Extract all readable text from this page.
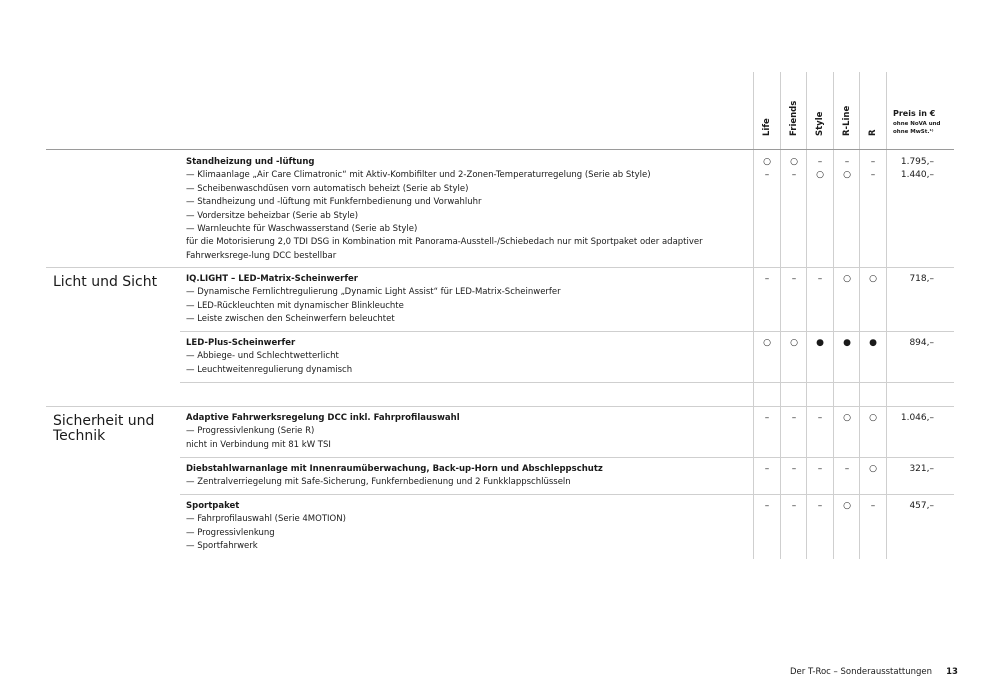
Life Friends Style R-Line R
Preis in €
ohne NoVA und ohne MwSt.¹⁾
Licht und Sicht
Sicherheit und Technik
Standheizung und -lüftung
— Klimaanlage „Air Care Climatronic“ mit Aktiv-Kombifilter und 2-Zonen-Temperaturregelung (Serie ab Style)
— Scheibenwaschdüsen vorn automatisch beheizt (Serie ab Style)
— Standheizung und -lüftung mit Funkfernbedienung und Vorwahluhr
— Vordersitze beheizbar (Serie ab Style)
— Warnleuchte für Waschwasserstand (Serie ab Style)
für die Motorisierung 2,0 TDI DSG in Kombination mit Panorama-Ausstell-/Schiebedach nur mit Sportpaket oder adaptiver Fahrwerksrege-lung DCC bestellbar
○	○	–	–	–	1.795,–
–	–	○	○	–	1.440,–
IQ.LIGHT – LED-Matrix-Scheinwerfer
— Dynamische Fernlichtregulierung „Dynamic Light Assist“ für LED-Matrix-Scheinwerfer
— LED-Rückleuchten mit dynamischer Blinkleuchte
— Leiste zwischen den Scheinwerfern beleuchtet
–	–	–	○	○	718,–
LED-Plus-Scheinwerfer
— Abbiege- und Schlechtwetterlicht
— Leuchtweitenregulierung dynamisch
○	○	●	●	●	894,–
Adaptive Fahrwerksregelung DCC inkl. Fahrprofilauswahl
— Progressivlenkung (Serie R)
nicht in Verbindung mit 81 kW TSI
–	–	–	○	○	1.046,–
Diebstahlwarnanlage mit Innenraumüberwachung, Back-up-Horn und Abschleppschutz
— Zentralverriegelung mit Safe-Sicherung, Funkfernbedienung und 2 Funkklappschlüsseln
–	–	–	–	○	321,–
Sportpaket
— Fahrprofilauswahl (Serie 4MOTION)
— Progressivlenkung
— Sportfahrwerk
–	–	–	○	–	457,–
Der T-Roc – Sonderausstattungen 13
